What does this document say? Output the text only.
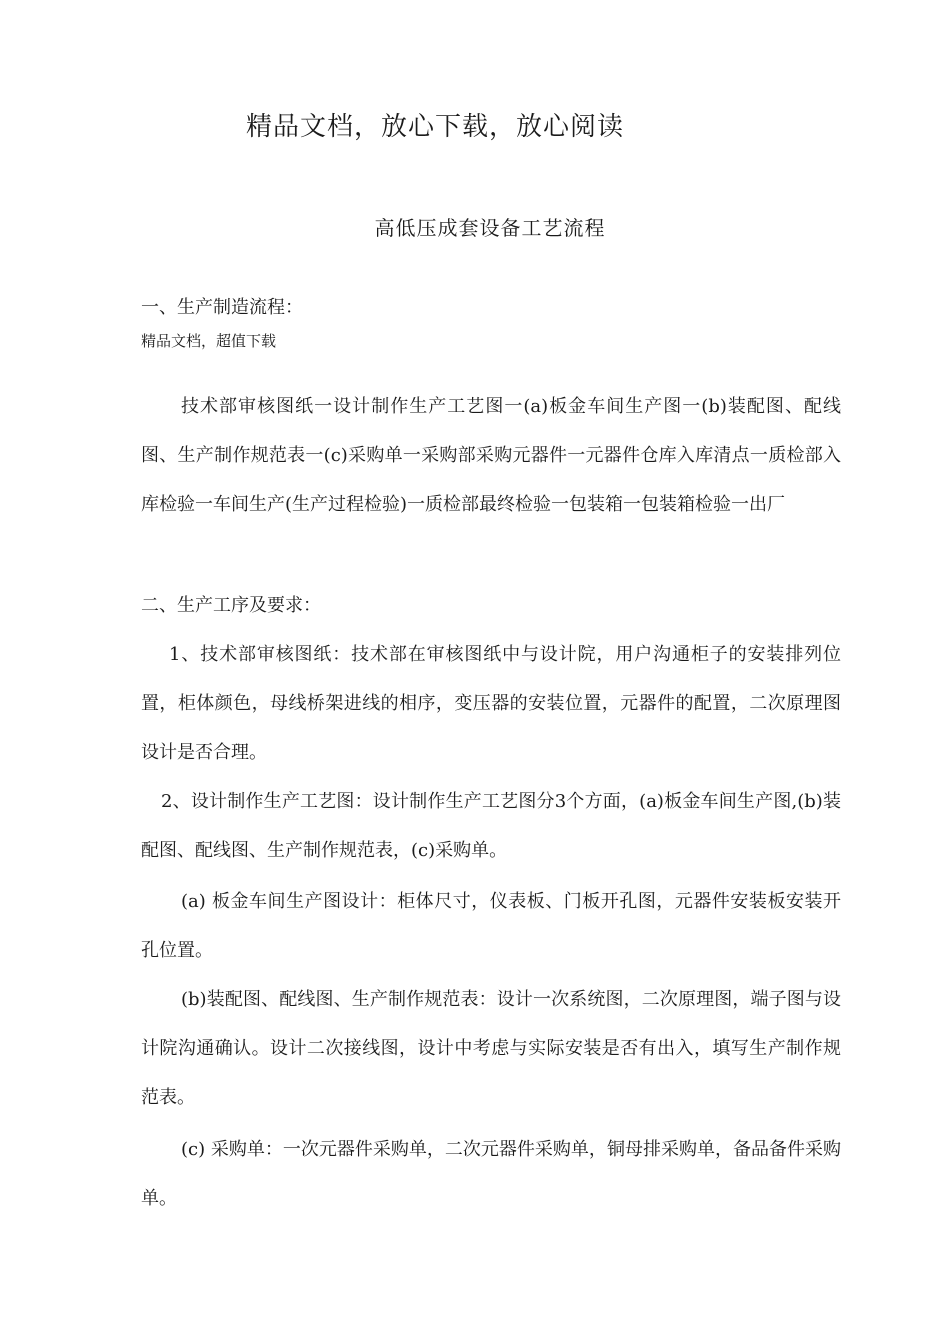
精品文档，放心下载，放心阅读
高低压成套设备工艺流程
一、生产制造流程：
精品文档，超值下载
技术部审核图纸一设计制作生产工艺图一(a)板金车间生产图一(b)装配图、配线图、生产制作规范表一(c)采购单一采购部采购元器件一元器件仓库入库清点一质检部入库检验一车间生产(生产过程检验)一质检部最终检验一包装箱一包装箱检验一出厂
二、生产工序及要求：
1、技术部审核图纸：技术部在审核图纸中与设计院，用户沟通柜子的安装排列位置，柜体颜色，母线桥架进线的相序，变压器的安装位置，元器件的配置，二次原理图设计是否合理。
2、设计制作生产工艺图：设计制作生产工艺图分3个方面，(a)板金车间生产图,(b)装配图、配线图、生产制作规范表，(c)采购单。
(a) 板金车间生产图设计：柜体尺寸，仪表板、门板开孔图，元器件安装板安装开孔位置。
(b)装配图、配线图、生产制作规范表：设计一次系统图，二次原理图，端子图与设计院沟通确认。设计二次接线图，设计中考虑与实际安装是否有出入，填写生产制作规范表。
(c) 采购单：一次元器件采购单，二次元器件采购单，铜母排采购单，备品备件采购单。
